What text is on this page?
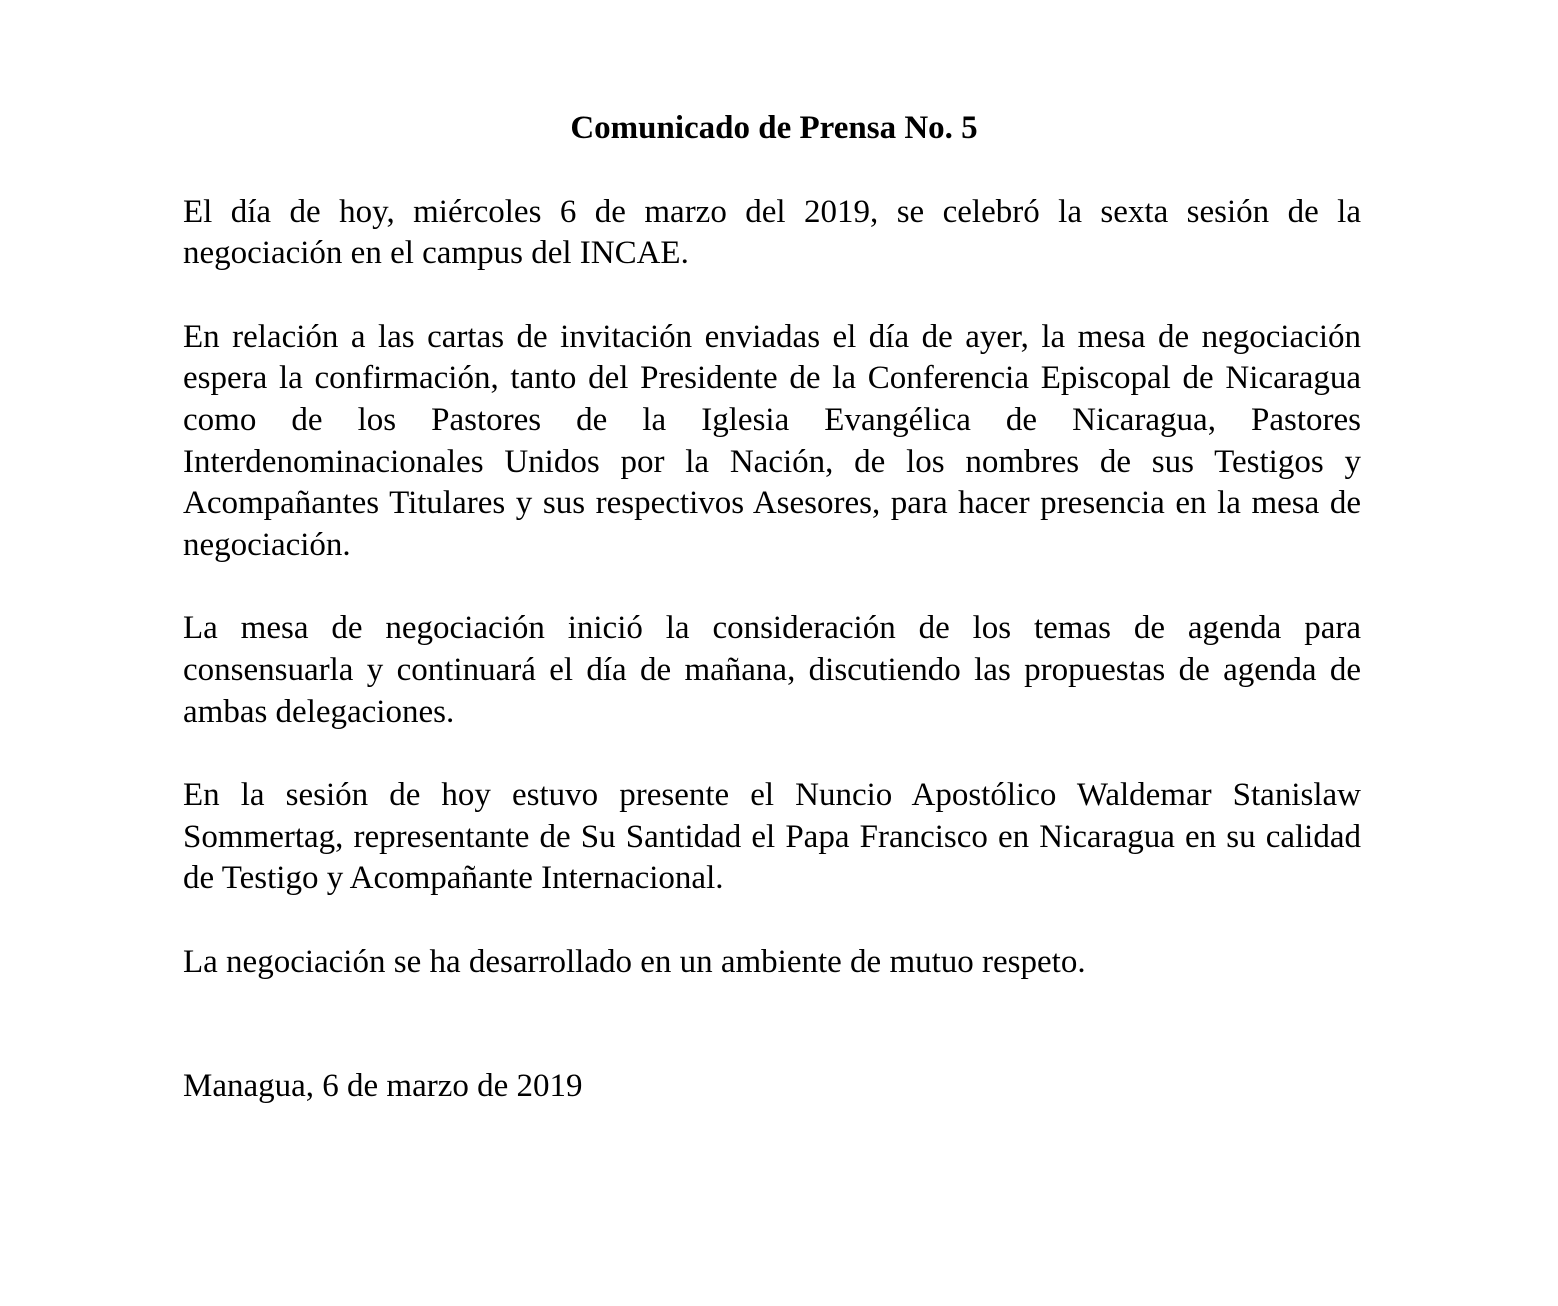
Comunicado de Prensa No. 5

El día de hoy, miércoles 6 de marzo del 2019, se celebró la sexta sesión de la negociación en el campus del INCAE.

En relación a las cartas de invitación enviadas el día de ayer, la mesa de negociación espera la confirmación, tanto del Presidente de la Conferencia Episcopal de Nicaragua como de los Pastores de la Iglesia Evangélica de Nicaragua, Pastores Interdenominacionales Unidos por la Nación, de los nombres de sus Testigos y Acompañantes Titulares y sus respectivos Asesores, para hacer presencia en la mesa de negociación.

La mesa de negociación inició la consideración de los temas de agenda para consensuarla y continuará el día de mañana, discutiendo las propuestas de agenda de ambas delegaciones.

En la sesión de hoy estuvo presente el Nuncio Apostólico Waldemar Stanislaw Sommertag, representante de Su Santidad el Papa Francisco en Nicaragua en su calidad de Testigo y Acompañante Internacional.

La negociación se ha desarrollado en un ambiente de mutuo respeto.

Managua, 6 de marzo de 2019
